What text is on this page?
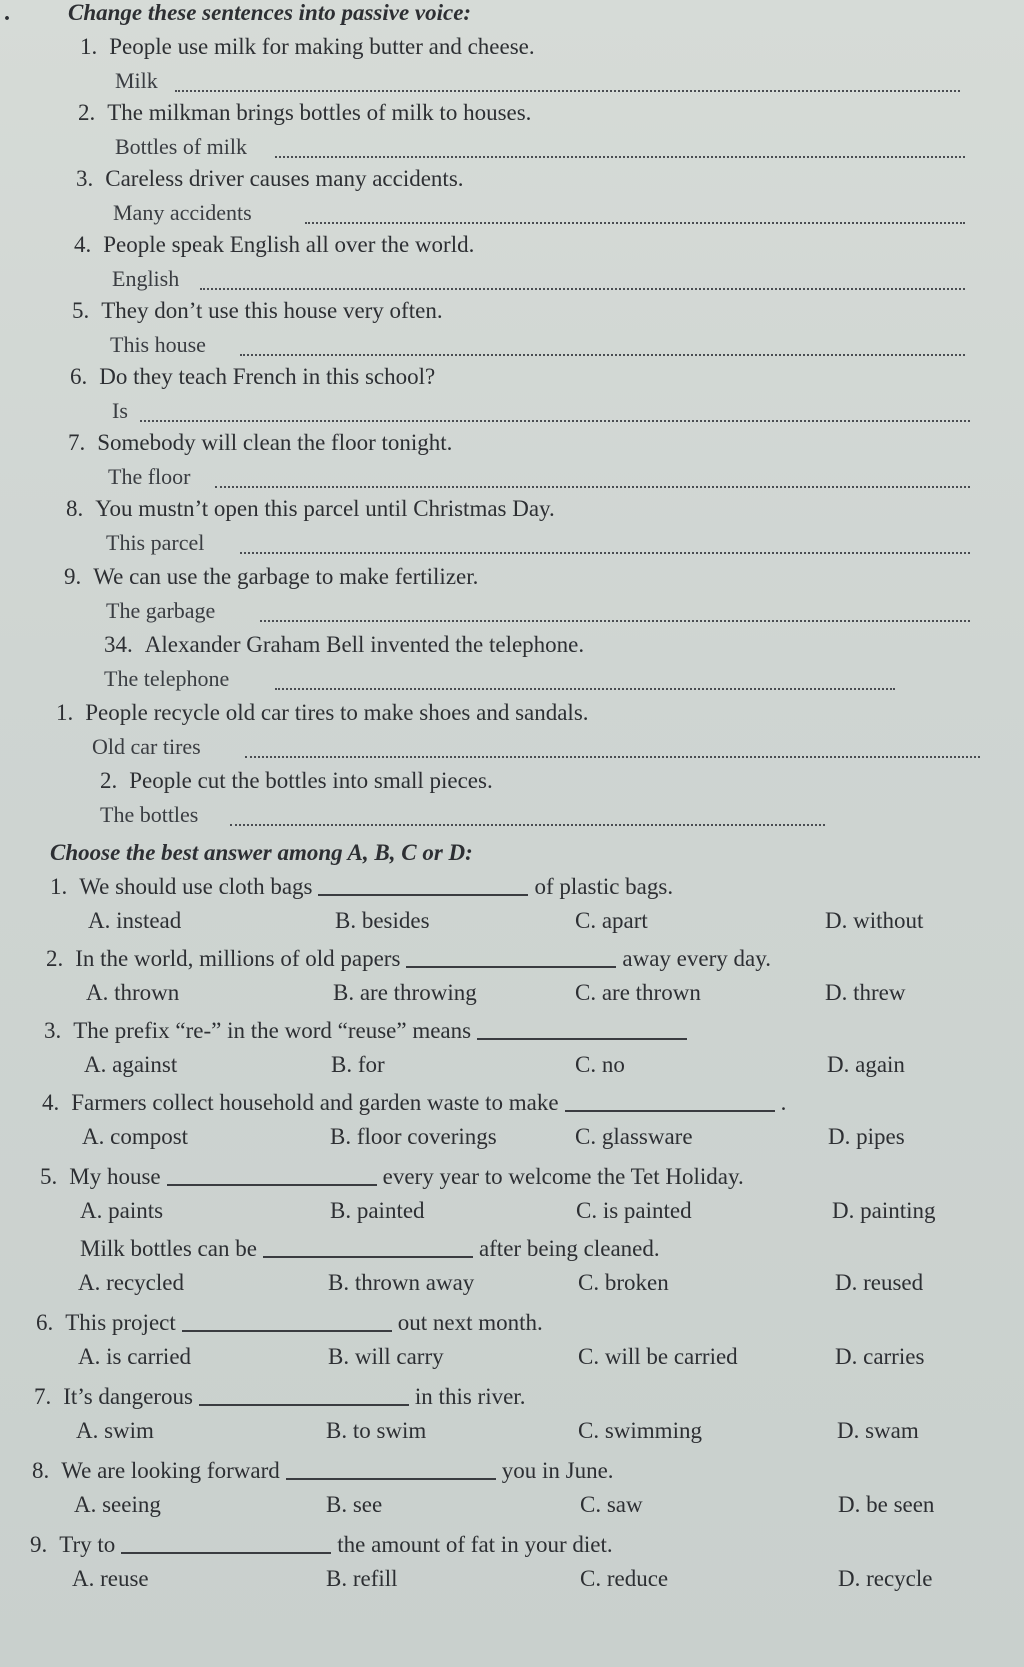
.	Change these sentences into passive voice:
1. People use milk for making butter and cheese.
Milk
2. The milkman brings bottles of milk to houses.
Bottles of milk
3. Careless driver causes many accidents.
Many accidents
4. People speak English all over the world.
English
5. They don’t use this house very often.
This house
6. Do they teach French in this school?
Is
7. Somebody will clean the floor tonight.
The floor
8. You mustn’t open this parcel until Christmas Day.
This parcel
9. We can use the garbage to make fertilizer.
The garbage
34. Alexander Graham Bell invented the telephone.
The telephone
1. People recycle old car tires to make shoes and sandals.
Old car tires
2. People cut the bottles into small pieces.
The bottles
Choose the best answer among A, B, C or D:
1. We should use cloth bags	of plastic bags.
A. instead	B. besides	C. apart	D. without
2. In the world, millions of old papers	away every day.
A. thrown	B. are throwing	C. are thrown	D. threw
3. The prefix “re-” in the word “reuse” means
A. against	B. for	C. no	D. again
4. Farmers collect household and garden waste to make	.
A. compost	B. floor coverings	C. glassware	D. pipes
5. My house	every year to welcome the Tet Holiday.
A. paints	B. painted	C. is painted	D. painting
Milk bottles can be	after being cleaned.
A. recycled	B. thrown away	C. broken	D. reused
6. This project	out next month.
A. is carried	B. will carry	C. will be carried	D. carries
7. It’s dangerous	in this river.
A. swim	B. to swim	C. swimming	D. swam
8. We are looking forward	you in June.
A. seeing	B. see	C. saw	D. be seen
9. Try to	the amount of fat in your diet.
A. reuse	B. refill	C. reduce	D. recycle
